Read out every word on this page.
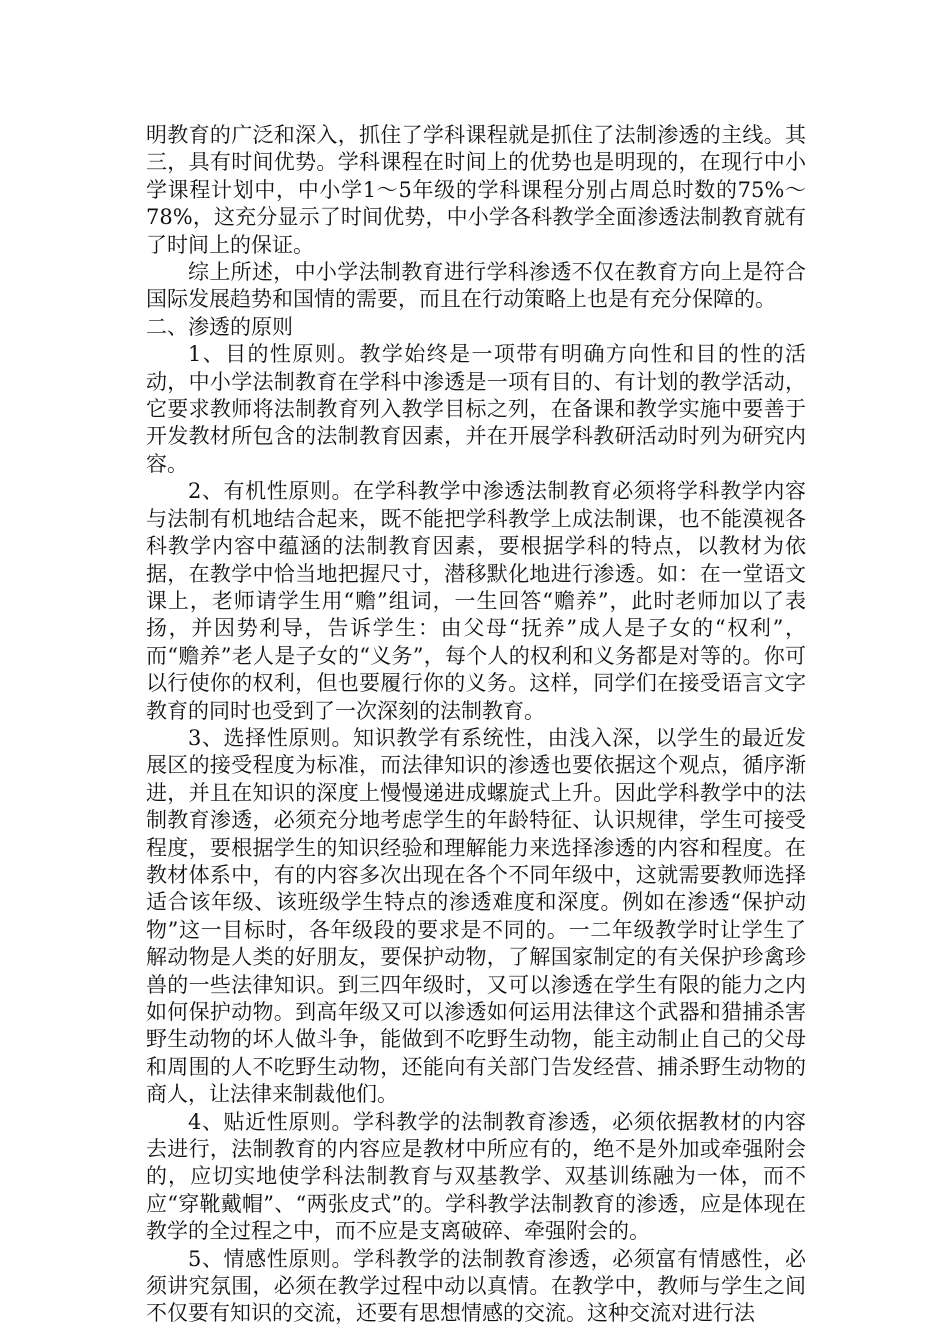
明教育的广泛和深入，抓住了学科课程就是抓住了法制渗透的主线。其三，具有时间优势。学科课程在时间上的优势也是明现的，在现行中小学课程计划中，中小学1～5年级的学科课程分别占周总时数的75%～78%，这充分显示了时间优势，中小学各科教学全面渗透法制教育就有了时间上的保证。

综上所述，中小学法制教育进行学科渗透不仅在教育方向上是符合国际发展趋势和国情的需要，而且在行动策略上也是有充分保障的。

二、渗透的原则

1、目的性原则。教学始终是一项带有明确方向性和目的性的活动，中小学法制教育在学科中渗透是一项有目的、有计划的教学活动，它要求教师将法制教育列入教学目标之列，在备课和教学实施中要善于开发教材所包含的法制教育因素，并在开展学科教研活动时列为研究内容。

2、有机性原则。在学科教学中渗透法制教育必须将学科教学内容与法制有机地结合起来，既不能把学科教学上成法制课，也不能漠视各科教学内容中蕴涵的法制教育因素，要根据学科的特点，以教材为依据，在教学中恰当地把握尺寸，潜移默化地进行渗透。如：在一堂语文课上，老师请学生用“赡”组词，一生回答“赡养”，此时老师加以了表扬，并因势利导，告诉学生：由父母“抚养”成人是子女的“权利”，而“赡养”老人是子女的“义务”，每个人的权利和义务都是对等的。你可以行使你的权利，但也要履行你的义务。这样，同学们在接受语言文字教育的同时也受到了一次深刻的法制教育。

3、选择性原则。知识教学有系统性，由浅入深，以学生的最近发展区的接受程度为标准，而法律知识的渗透也要依据这个观点，循序渐进，并且在知识的深度上慢慢递进成螺旋式上升。因此学科教学中的法制教育渗透，必须充分地考虑学生的年龄特征、认识规律，学生可接受程度，要根据学生的知识经验和理解能力来选择渗透的内容和程度。在教材体系中，有的内容多次出现在各个不同年级中，这就需要教师选择适合该年级、该班级学生特点的渗透难度和深度。例如在渗透“保护动物”这一目标时，各年级段的要求是不同的。一二年级教学时让学生了解动物是人类的好朋友，要保护动物，了解国家制定的有关保护珍禽珍兽的一些法律知识。到三四年级时，又可以渗透在学生有限的能力之内如何保护动物。到高年级又可以渗透如何运用法律这个武器和猎捕杀害野生动物的坏人做斗争，能做到不吃野生动物，能主动制止自己的父母和周围的人不吃野生动物，还能向有关部门告发经营、捕杀野生动物的商人，让法律来制裁他们。

4、贴近性原则。学科教学的法制教育渗透，必须依据教材的内容去进行，法制教育的内容应是教材中所应有的，绝不是外加或牵强附会的，应切实地使学科法制教育与双基教学、双基训练融为一体，而不应“穿靴戴帽”、“两张皮式”的。学科教学法制教育的渗透，应是体现在教学的全过程之中，而不应是支离破碎、牵强附会的。

5、情感性原则。学科教学的法制教育渗透，必须富有情感性，必须讲究氛围，必须在教学过程中动以真情。在教学中，教师与学生之间不仅要有知识的交流，还要有思想情感的交流。这种交流对进行法
